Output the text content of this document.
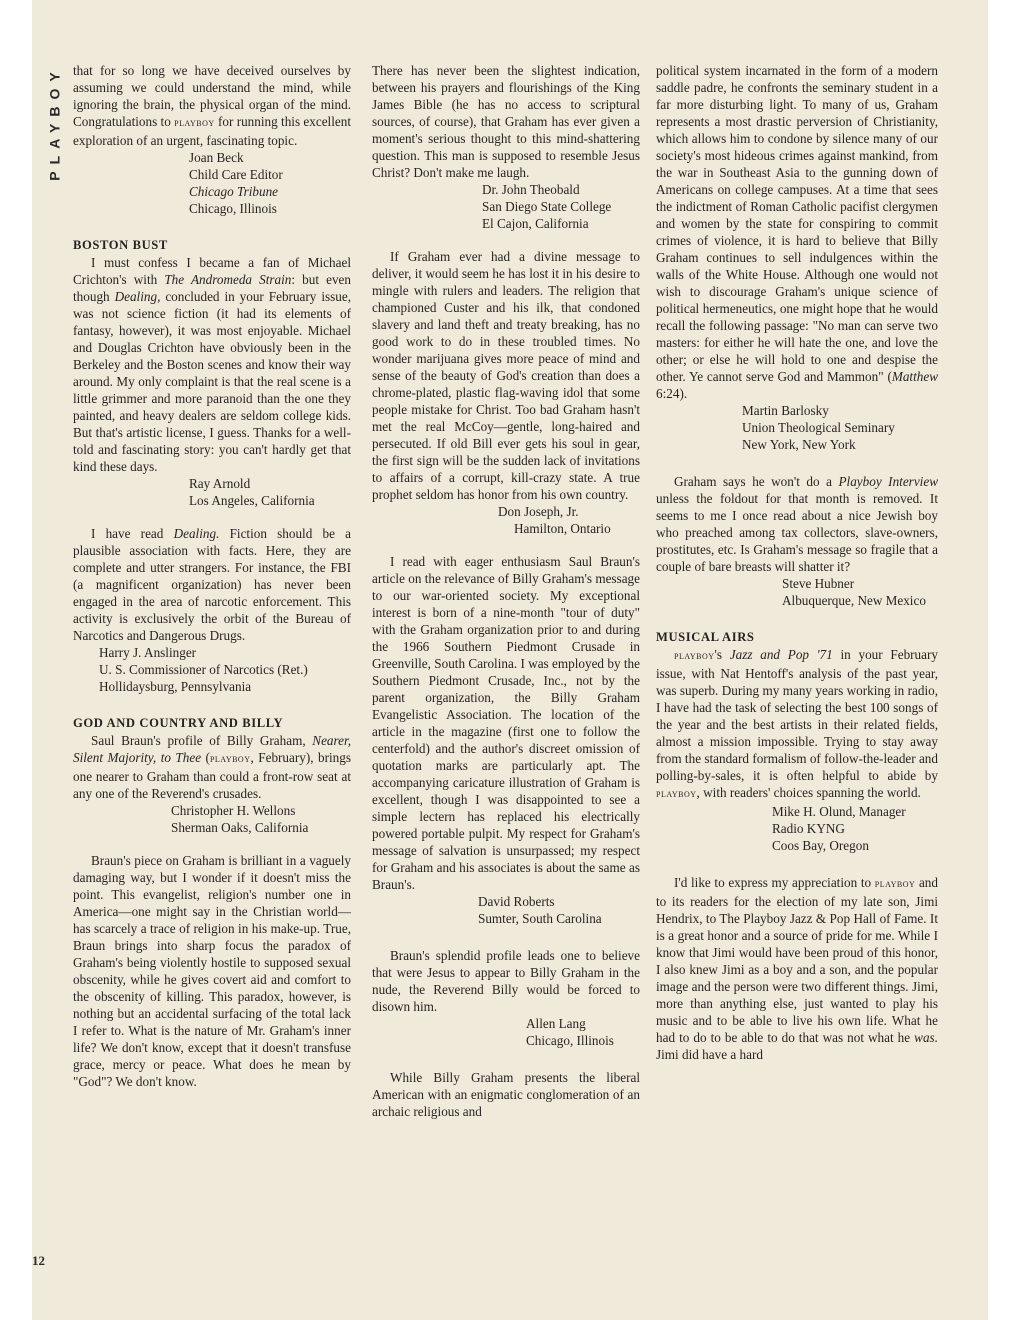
PLAYBOY
12

that for so long we have deceived ourselves by assuming we could understand the mind, while ignoring the brain, the physical organ of the mind. Congratulations to playboy for running this excellent exploration of an urgent, fascinating topic.

Joan Beck

Child Care Editor

Chicago Tribune

Chicago, Illinois

BOSTON BUST

I must confess I became a fan of Michael Crichton's with The Andromeda Strain: but even though Dealing, concluded in your February issue, was not science fiction (it had its elements of fantasy, however), it was most enjoyable. Michael and Douglas Crichton have obviously been in the Berkeley and the Boston scenes and know their way around. My only complaint is that the real scene is a little grimmer and more paranoid than the one they painted, and heavy dealers are seldom college kids. But that's artistic license, I guess. Thanks for a well-told and fascinating story: you can't hardly get that kind these days.

Ray Arnold

Los Angeles, California

I have read Dealing. Fiction should be a plausible association with facts. Here, they are complete and utter strangers. For instance, the FBI (a magnificent organization) has never been engaged in the area of narcotic enforcement. This activity is exclusively the orbit of the Bureau of Narcotics and Dangerous Drugs.

Harry J. Anslinger

U. S. Commissioner of Narcotics (Ret.)

Hollidaysburg, Pennsylvania

GOD AND COUNTRY AND BILLY

Saul Braun's profile of Billy Graham, Nearer, Silent Majority, to Thee (playboy, February), brings one nearer to Graham than could a front-row seat at any one of the Reverend's crusades.

Christopher H. Wellons

Sherman Oaks, California

Braun's piece on Graham is brilliant in a vaguely damaging way, but I wonder if it doesn't miss the point. This evangelist, religion's number one in America—one might say in the Christian world—has scarcely a trace of religion in his make-up. True, Braun brings into sharp focus the paradox of Graham's being violently hostile to supposed sexual obscenity, while he gives covert aid and comfort to the obscenity of killing. This paradox, however, is nothing but an accidental surfacing of the total lack I refer to. What is the nature of Mr. Graham's inner life? We don't know, except that it doesn't transfuse grace, mercy or peace. What does he mean by "God"? We don't know.

There has never been the slightest indication, between his prayers and flourishings of the King James Bible (he has no access to scriptural sources, of course), that Graham has ever given a moment's serious thought to this mind-shattering question. This man is supposed to resemble Jesus Christ? Don't make me laugh.

Dr. John Theobald

San Diego State College

El Cajon, California

If Graham ever had a divine message to deliver, it would seem he has lost it in his desire to mingle with rulers and leaders. The religion that championed Custer and his ilk, that condoned slavery and land theft and treaty breaking, has no good work to do in these troubled times. No wonder marijuana gives more peace of mind and sense of the beauty of God's creation than does a chrome-plated, plastic flag-waving idol that some people mistake for Christ. Too bad Graham hasn't met the real McCoy—gentle, long-haired and persecuted. If old Bill ever gets his soul in gear, the first sign will be the sudden lack of invitations to affairs of a corrupt, kill-crazy state. A true prophet seldom has honor from his own country.

Don Joseph, Jr.

Hamilton, Ontario

I read with eager enthusiasm Saul Braun's article on the relevance of Billy Graham's message to our war-oriented society. My exceptional interest is born of a nine-month "tour of duty" with the Graham organization prior to and during the 1966 Southern Piedmont Crusade in Greenville, South Carolina. I was employed by the Southern Piedmont Crusade, Inc., not by the parent organization, the Billy Graham Evangelistic Association. The location of the article in the magazine (first one to follow the centerfold) and the author's discreet omission of quotation marks are particularly apt. The accompanying caricature illustration of Graham is excellent, though I was disappointed to see a simple lectern has replaced his electrically powered portable pulpit. My respect for Graham's message of salvation is unsurpassed; my respect for Graham and his associates is about the same as Braun's.

David Roberts

Sumter, South Carolina

Braun's splendid profile leads one to believe that were Jesus to appear to Billy Graham in the nude, the Reverend Billy would be forced to disown him.

Allen Lang

Chicago, Illinois

While Billy Graham presents the liberal American with an enigmatic conglomeration of an archaic religious and

political system incarnated in the form of a modern saddle padre, he confronts the seminary student in a far more disturbing light. To many of us, Graham represents a most drastic perversion of Christianity, which allows him to condone by silence many of our society's most hideous crimes against mankind, from the war in Southeast Asia to the gunning down of Americans on college campuses. At a time that sees the indictment of Roman Catholic pacifist clergymen and women by the state for conspiring to commit crimes of violence, it is hard to believe that Billy Graham continues to sell indulgences within the walls of the White House. Although one would not wish to discourage Graham's unique science of political hermeneutics, one might hope that he would recall the following passage: "No man can serve two masters: for either he will hate the one, and love the other; or else he will hold to one and despise the other. Ye cannot serve God and Mammon" (Matthew 6:24).

Martin Barlosky

Union Theological Seminary

New York, New York

Graham says he won't do a Playboy Interview unless the foldout for that month is removed. It seems to me I once read about a nice Jewish boy who preached among tax collectors, slave-owners, prostitutes, etc. Is Graham's message so fragile that a couple of bare breasts will shatter it?

Steve Hubner

Albuquerque, New Mexico

MUSICAL AIRS

playboy's Jazz and Pop '71 in your February issue, with Nat Hentoff's analysis of the past year, was superb. During my many years working in radio, I have had the task of selecting the best 100 songs of the year and the best artists in their related fields, almost a mission impossible. Trying to stay away from the standard formalism of follow-the-leader and polling-by-sales, it is often helpful to abide by playboy, with readers' choices spanning the world.

Mike H. Olund, Manager

Radio KYNG

Coos Bay, Oregon

I'd like to express my appreciation to playboy and to its readers for the election of my late son, Jimi Hendrix, to The Playboy Jazz & Pop Hall of Fame. It is a great honor and a source of pride for me. While I know that Jimi would have been proud of this honor, I also knew Jimi as a boy and a son, and the popular image and the person were two different things. Jimi, more than anything else, just wanted to play his music and to be able to live his own life. What he had to do to be able to do that was not what he was. Jimi did have a hard
